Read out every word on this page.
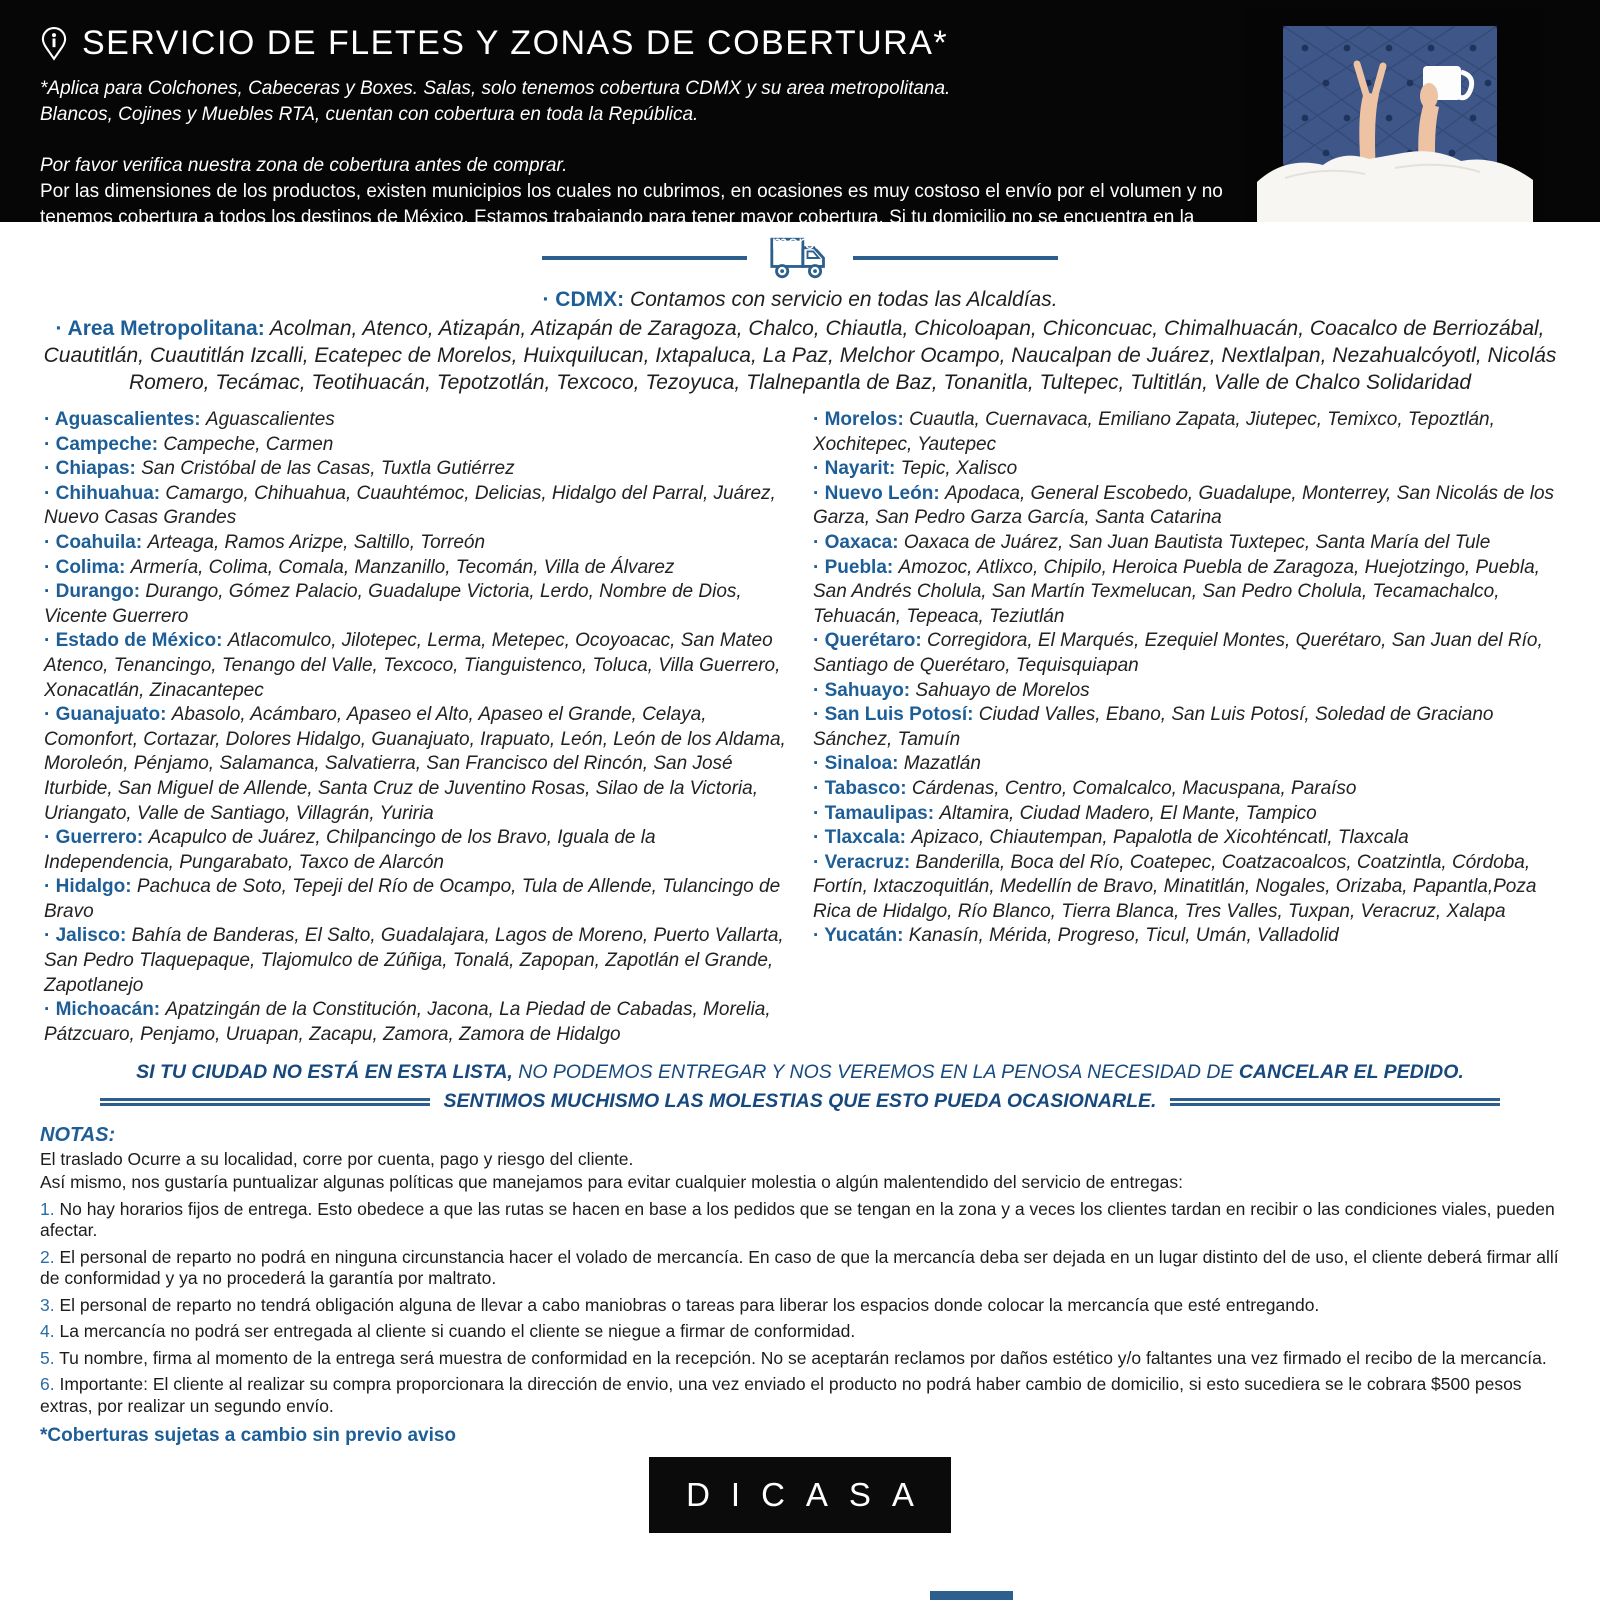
SERVICIO DE FLETES Y ZONAS DE COBERTURA*
*Aplica para Colchones, Cabeceras y Boxes. Salas, solo tenemos cobertura CDMX y su area metropolitana.
Blancos, Cojines y Muebles RTA, cuentan con cobertura en toda la República.
Por favor verifica nuestra zona de cobertura antes de comprar.
Por las dimensiones de los productos, existen municipios los cuales no cubrimos, en ocasiones es muy costoso el envío por el volumen y no tenemos cobertura a todos los destinos de México. Estamos trabajando para tener mayor cobertura. Si tu domicilio no se encuentra en la lista, lo podemos llevar a la ciudad más cercana para que de ahí, tú puedas recoger la mercancía. Esto se llama servicio Ocurre.
· CDMX: Contamos con servicio en todas las Alcaldías.
· Area Metropolitana: Acolman, Atenco, Atizapán, Atizapán de Zaragoza, Chalco, Chiautla, Chicoloapan, Chiconcuac, Chimalhuacán, Coacalco de Berriozábal, Cuautitlán, Cuautitlán Izcalli, Ecatepec de Morelos, Huixquilucan, Ixtapaluca, La Paz, Melchor Ocampo, Naucalpan de Juárez, Nextlalpan, Nezahualcóyotl, Nicolás Romero, Tecámac, Teotihuacán, Tepotzotlán, Texcoco, Tezoyuca, Tlalnepantla de Baz, Tonanitla, Tultepec, Tultitlán, Valle de Chalco Solidaridad
· Aguascalientes: Aguascalientes
· Campeche: Campeche, Carmen
· Chiapas: San Cristóbal de las Casas, Tuxtla Gutiérrez
· Chihuahua: Camargo, Chihuahua, Cuauhtémoc, Delicias, Hidalgo del Parral, Juárez, Nuevo Casas Grandes
· Coahuila: Arteaga, Ramos Arizpe, Saltillo, Torreón
· Colima: Armería, Colima, Comala, Manzanillo, Tecomán, Villa de Álvarez
· Durango: Durango, Gómez Palacio, Guadalupe Victoria, Lerdo, Nombre de Dios, Vicente Guerrero
· Estado de México: Atlacomulco, Jilotepec, Lerma, Metepec, Ocoyoacac, San Mateo Atenco, Tenancingo, Tenango del Valle, Texcoco, Tianguistenco, Toluca, Villa Guerrero, Xonacatlán, Zinacantepec
· Guanajuato: Abasolo, Acámbaro, Apaseo el Alto, Apaseo el Grande, Celaya, Comonfort, Cortazar, Dolores Hidalgo, Guanajuato, Irapuato, León, León de los Aldama, Moroleón, Pénjamo, Salamanca, Salvatierra, San Francisco del Rincón, San José Iturbide, San Miguel de Allende, Santa Cruz de Juventino Rosas, Silao de la Victoria, Uriangato, Valle de Santiago, Villagrán, Yuriria
· Guerrero: Acapulco de Juárez, Chilpancingo de los Bravo, Iguala de la Independencia, Pungarabato, Taxco de Alarcón
· Hidalgo: Pachuca de Soto, Tepeji del Río de Ocampo, Tula de Allende, Tulancingo de Bravo
· Jalisco: Bahía de Banderas, El Salto, Guadalajara, Lagos de Moreno, Puerto Vallarta, San Pedro Tlaquepaque, Tlajomulco de Zúñiga, Tonalá, Zapopan, Zapotlán el Grande, Zapotlanejo
· Michoacán: Apatzingán de la Constitución, Jacona, La Piedad de Cabadas, Morelia, Pátzcuaro, Penjamo, Uruapan, Zacapu, Zamora, Zamora de Hidalgo
· Morelos: Cuautla, Cuernavaca, Emiliano Zapata, Jiutepec, Temixco, Tepoztlán, Xochitepec, Yautepec
· Nayarit: Tepic, Xalisco
· Nuevo León: Apodaca, General Escobedo, Guadalupe, Monterrey, San Nicolás de los Garza, San Pedro Garza García, Santa Catarina
· Oaxaca: Oaxaca de Juárez, San Juan Bautista Tuxtepec, Santa María del Tule
· Puebla: Amozoc, Atlixco, Chipilo, Heroica Puebla de Zaragoza, Huejotzingo, Puebla, San Andrés Cholula, San Martín Texmelucan, San Pedro Cholula, Tecamachalco, Tehuacán, Tepeaca, Teziutlán
· Querétaro: Corregidora, El Marqués, Ezequiel Montes, Querétaro, San Juan del Río, Santiago de Querétaro, Tequisquiapan
· Sahuayo: Sahuayo de Morelos
· San Luis Potosí: Ciudad Valles, Ebano, San Luis Potosí, Soledad de Graciano Sánchez, Tamuín
· Sinaloa: Mazatlán
· Tabasco: Cárdenas, Centro, Comalcalco, Macuspana, Paraíso
· Tamaulipas: Altamira, Ciudad Madero, El Mante, Tampico
· Tlaxcala: Apizaco, Chiautempan, Papalotla de Xicohténcatl, Tlaxcala
· Veracruz: Banderilla, Boca del Río, Coatepec, Coatzacoalcos, Coatzintla, Córdoba, Fortín, Ixtaczoquitlán, Medellín de Bravo, Minatitlán, Nogales, Orizaba, Papantla,Poza Rica de Hidalgo, Río Blanco, Tierra Blanca, Tres Valles, Tuxpan, Veracruz, Xalapa
· Yucatán: Kanasín, Mérida, Progreso, Ticul, Umán, Valladolid
SI TU CIUDAD NO ESTÁ EN ESTA LISTA, NO PODEMOS ENTREGAR Y NOS VEREMOS EN LA PENOSA NECESIDAD DE CANCELAR EL PEDIDO.
SENTIMOS MUCHISMO LAS MOLESTIAS QUE ESTO PUEDA OCASIONARLE.
NOTAS:

El traslado Ocurre a su localidad, corre por cuenta, pago y riesgo del cliente.

Así mismo, nos gustaría puntualizar algunas políticas que manejamos para evitar cualquier molestia o algún malentendido del servicio de entregas:

1. No hay horarios fijos de entrega. Esto obedece a que las rutas se hacen en base a los pedidos que se tengan en la zona y a veces los clientes tardan en recibir o las condiciones viales, pueden afectar.

2. El personal de reparto no podrá en ninguna circunstancia hacer el volado de mercancía. En caso de que la mercancía deba ser dejada en un lugar distinto del de uso, el cliente deberá firmar allí de conformidad y ya no procederá la garantía por maltrato.

3. El personal de reparto no tendrá obligación alguna de llevar a cabo maniobras o tareas para liberar los espacios donde colocar la mercancía que esté entregando.

4. La mercancía no podrá ser entregada al cliente si cuando el cliente se niegue a firmar de conformidad.

5. Tu nombre, firma al momento de la entrega será muestra de conformidad en la recepción. No se aceptarán reclamos por daños estético y/o faltantes una vez firmado el recibo de la mercancía.

6. Importante: El cliente al realizar su compra proporcionara la dirección de envio, una vez enviado el producto no podrá haber cambio de domicilio, si esto sucediera se le cobrara $500 pesos extras, por realizar un segundo envío.

*Coberturas sujetas a cambio sin previo aviso
DICASA
